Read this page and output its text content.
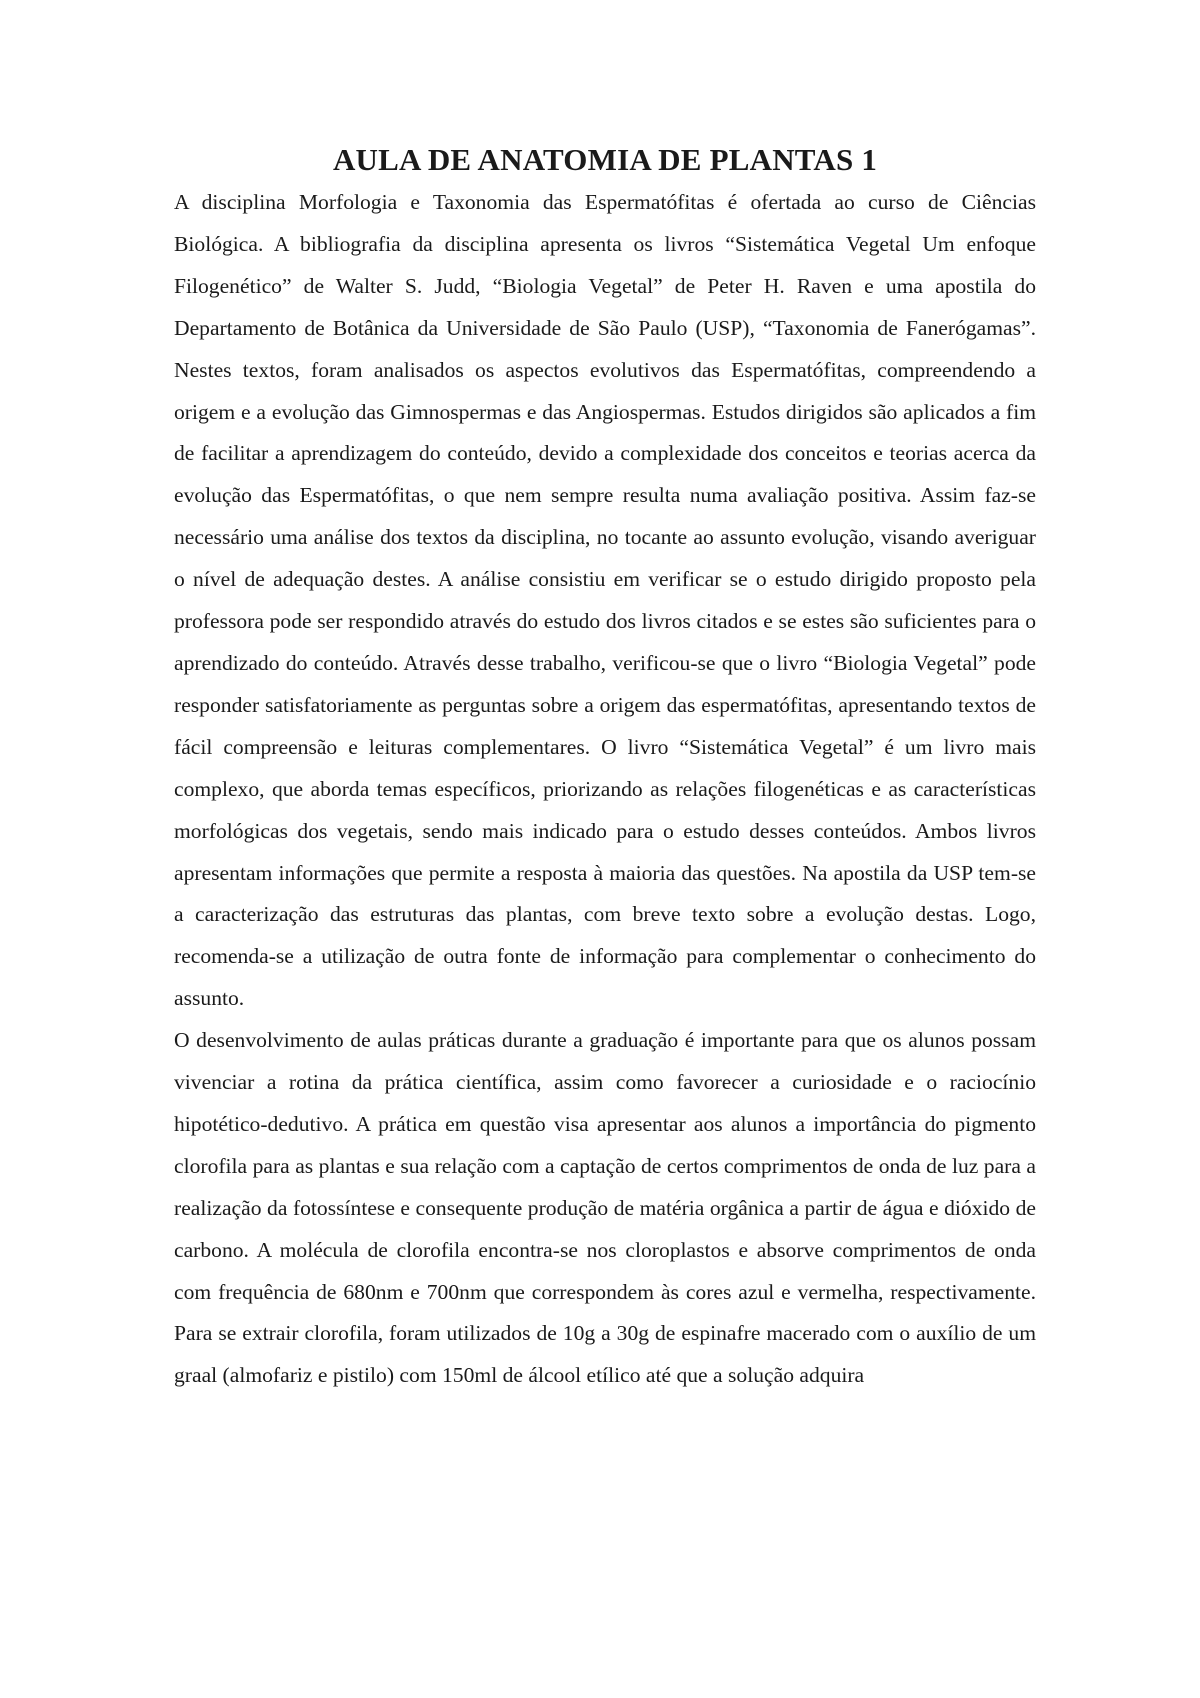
AULA DE ANATOMIA DE PLANTAS 1

A disciplina Morfologia e Taxonomia das Espermatófitas é ofertada ao curso de Ciências Biológica. A bibliografia da disciplina apresenta os livros “Sistemática Vegetal Um enfoque Filogenético” de Walter S. Judd, “Biologia Vegetal” de Peter H. Raven e uma apostila do Departamento de Botânica da Universidade de São Paulo (USP), “Taxonomia de Fanerógamas”. Nestes textos, foram analisados os aspectos evolutivos das Espermatófitas, compreendendo a origem e a evolução das Gimnospermas e das Angiospermas. Estudos dirigidos são aplicados a fim de facilitar a aprendizagem do conteúdo, devido a complexidade dos conceitos e teorias acerca da evolução das Espermatófitas, o que nem sempre resulta numa avaliação positiva. Assim faz-se necessário uma análise dos textos da disciplina, no tocante ao assunto evolução, visando averiguar o nível de adequação destes. A análise consistiu em verificar se o estudo dirigido proposto pela professora pode ser respondido através do estudo dos livros citados e se estes são suficientes para o aprendizado do conteúdo. Através desse trabalho, verificou-se que o livro “Biologia Vegetal” pode responder satisfatoriamente as perguntas sobre a origem das espermatófitas, apresentando textos de fácil compreensão e leituras complementares. O livro “Sistemática Vegetal” é um livro mais complexo, que aborda temas específicos, priorizando as relações filogenéticas e as características morfológicas dos vegetais, sendo mais indicado para o estudo desses conteúdos. Ambos livros apresentam informações que permite a resposta à maioria das questões. Na apostila da USP tem-se a caracterização das estruturas das plantas, com breve texto sobre a evolução destas. Logo, recomenda-se a utilização de outra fonte de informação para complementar o conhecimento do assunto.

O desenvolvimento de aulas práticas durante a graduação é importante para que os alunos possam vivenciar a rotina da prática científica, assim como favorecer a curiosidade e o raciocínio hipotético-dedutivo. A prática em questão visa apresentar aos alunos a importância do pigmento clorofila para as plantas e sua relação com a captação de certos comprimentos de onda de luz para a realização da fotossíntese e consequente produção de matéria orgânica a partir de água e dióxido de carbono. A molécula de clorofila encontra-se nos cloroplastos e absorve comprimentos de onda com frequência de 680nm e 700nm que correspondem às cores azul e vermelha, respectivamente. Para se extrair clorofila, foram utilizados de 10g a 30g de espinafre macerado com o auxílio de um graal (almofariz e pistilo) com 150ml de álcool etílico até que a solução adquira
